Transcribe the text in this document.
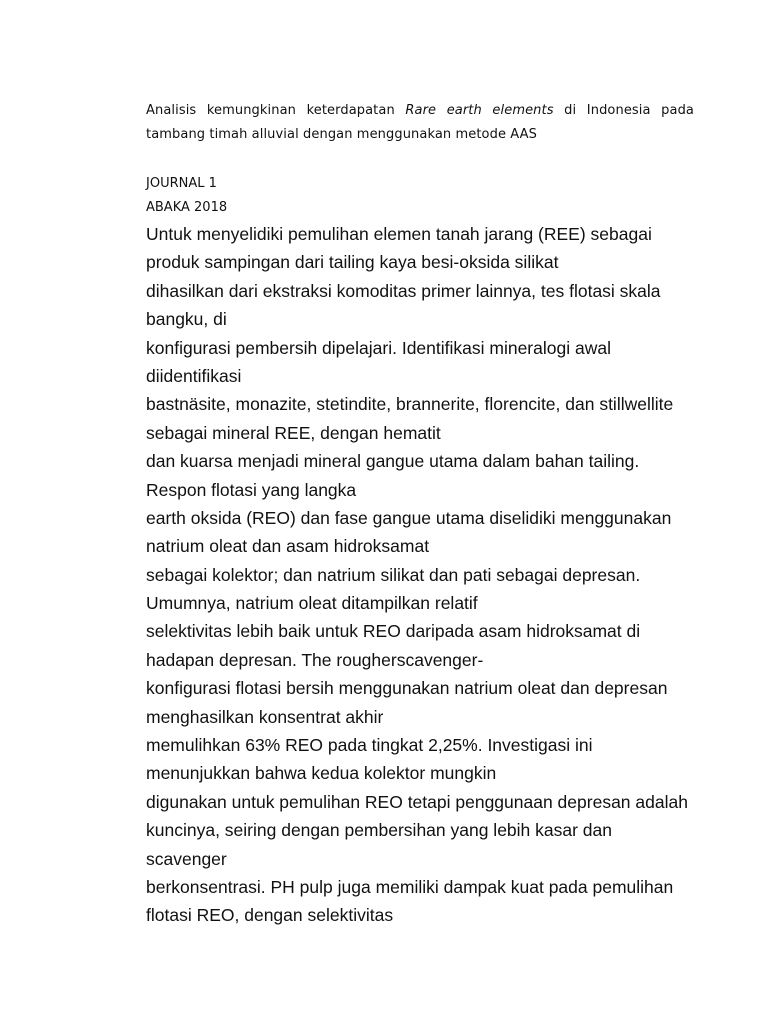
Analisis kemungkinan keterdapatan Rare earth elements di Indonesia pada tambang timah alluvial dengan menggunakan metode AAS
JOURNAL 1
ABAKA 2018
Untuk menyelidiki pemulihan elemen tanah jarang (REE) sebagai
produk sampingan dari tailing kaya besi-oksida silikat
dihasilkan dari ekstraksi komoditas primer lainnya, tes flotasi skala
bangku, di
konfigurasi pembersih dipelajari. Identifikasi mineralogi awal
diidentifikasi
bastnäsite, monazite, stetindite, brannerite, florencite, dan stillwellite
sebagai mineral REE, dengan hematit
dan kuarsa menjadi mineral gangue utama dalam bahan tailing.
Respon flotasi yang langka
earth oksida (REO) dan fase gangue utama diselidiki menggunakan
natrium oleat dan asam hidroksamat
sebagai kolektor; dan natrium silikat dan pati sebagai depresan.
Umumnya, natrium oleat ditampilkan relatif
selektivitas lebih baik untuk REO daripada asam hidroksamat di
hadapan depresan. The rougherscavenger-
konfigurasi flotasi bersih menggunakan natrium oleat dan depresan
menghasilkan konsentrat akhir
memulihkan 63% REO pada tingkat 2,25%. Investigasi ini
menunjukkan bahwa kedua kolektor mungkin
digunakan untuk pemulihan REO tetapi penggunaan depresan adalah
kuncinya, seiring dengan pembersihan yang lebih kasar dan
scavenger
berkonsentrasi. PH pulp juga memiliki dampak kuat pada pemulihan
flotasi REO, dengan selektivitas
